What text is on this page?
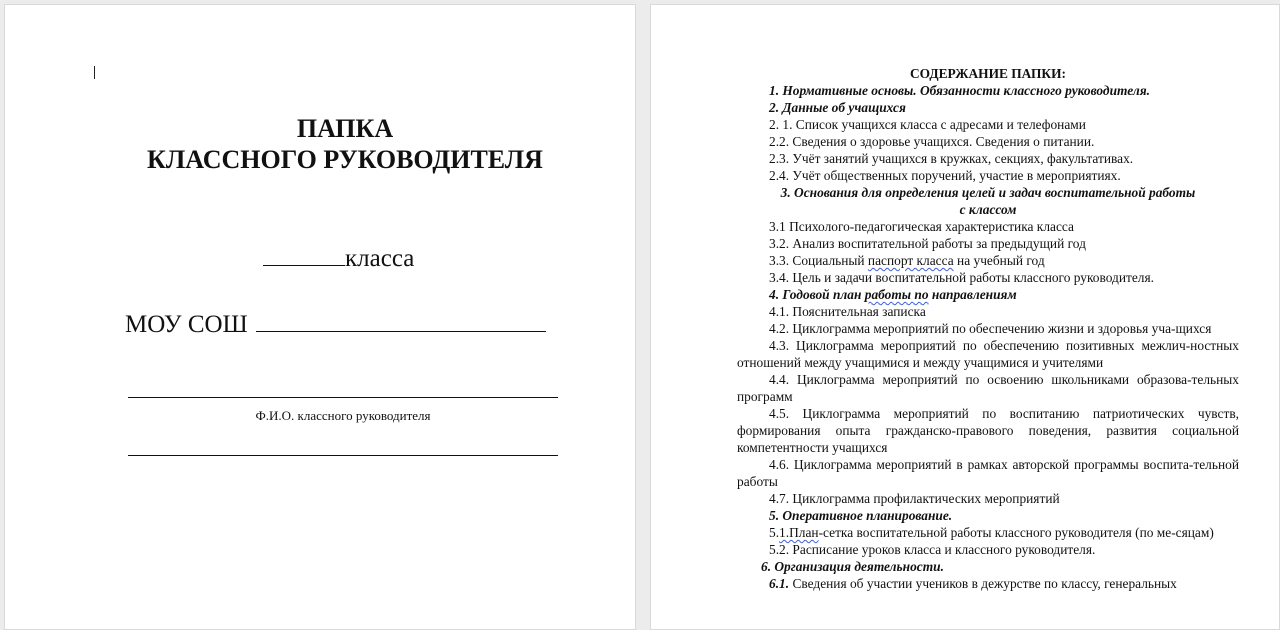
ПАПКА

КЛАССНОГО РУКОВОДИТЕЛЯ

класса
МОУ СОШ
Ф.И.О. классного руководителя

СОДЕРЖАНИЕ ПАПКИ:

1. Нормативные основы. Обязанности классного руководителя.

2. Данные об учащихся

2. 1. Список учащихся класса с адресами и телефонами

2.2. Сведения о здоровье учащихся. Сведения о питании.

2.3. Учёт занятий учащихся в кружках, секциях, факультативах.

2.4. Учёт общественных поручений, участие в мероприятиях.

3. Основания для определения целей и задач воспитательной работы

с классом

3.1 Психолого-педагогическая характеристика класса

3.2. Анализ воспитательной работы за предыдущий год

3.3. Социальный паспорт класса на учебный год

3.4. Цель и задачи воспитательной работы классного руководителя.

4. Годовой план работы по направлениям

4.1. Пояснительная записка

4.2. Циклограмма мероприятий по обеспечению жизни и здоровья уча-щихся

4.3. Циклограмма мероприятий по обеспечению позитивных межлич-ностных отношений между учащимися и между учащимися и учителями

4.4. Циклограмма мероприятий по освоению школьниками образова-тельных программ

4.5. Циклограмма мероприятий по воспитанию патриотических чувств, формирования опыта гражданско-правового поведения, развития социальной компетентности учащихся

4.6. Циклограмма мероприятий в рамках авторской программы воспита-тельной работы

4.7. Циклограмма профилактических мероприятий

5. Оперативное планирование.

5.1.План-сетка воспитательной работы классного руководителя (по ме-сяцам)

5.2. Расписание уроков класса и классного руководителя.

6. Организация деятельности.

6.1. Сведения об участии учеников в дежурстве по классу, генеральных
